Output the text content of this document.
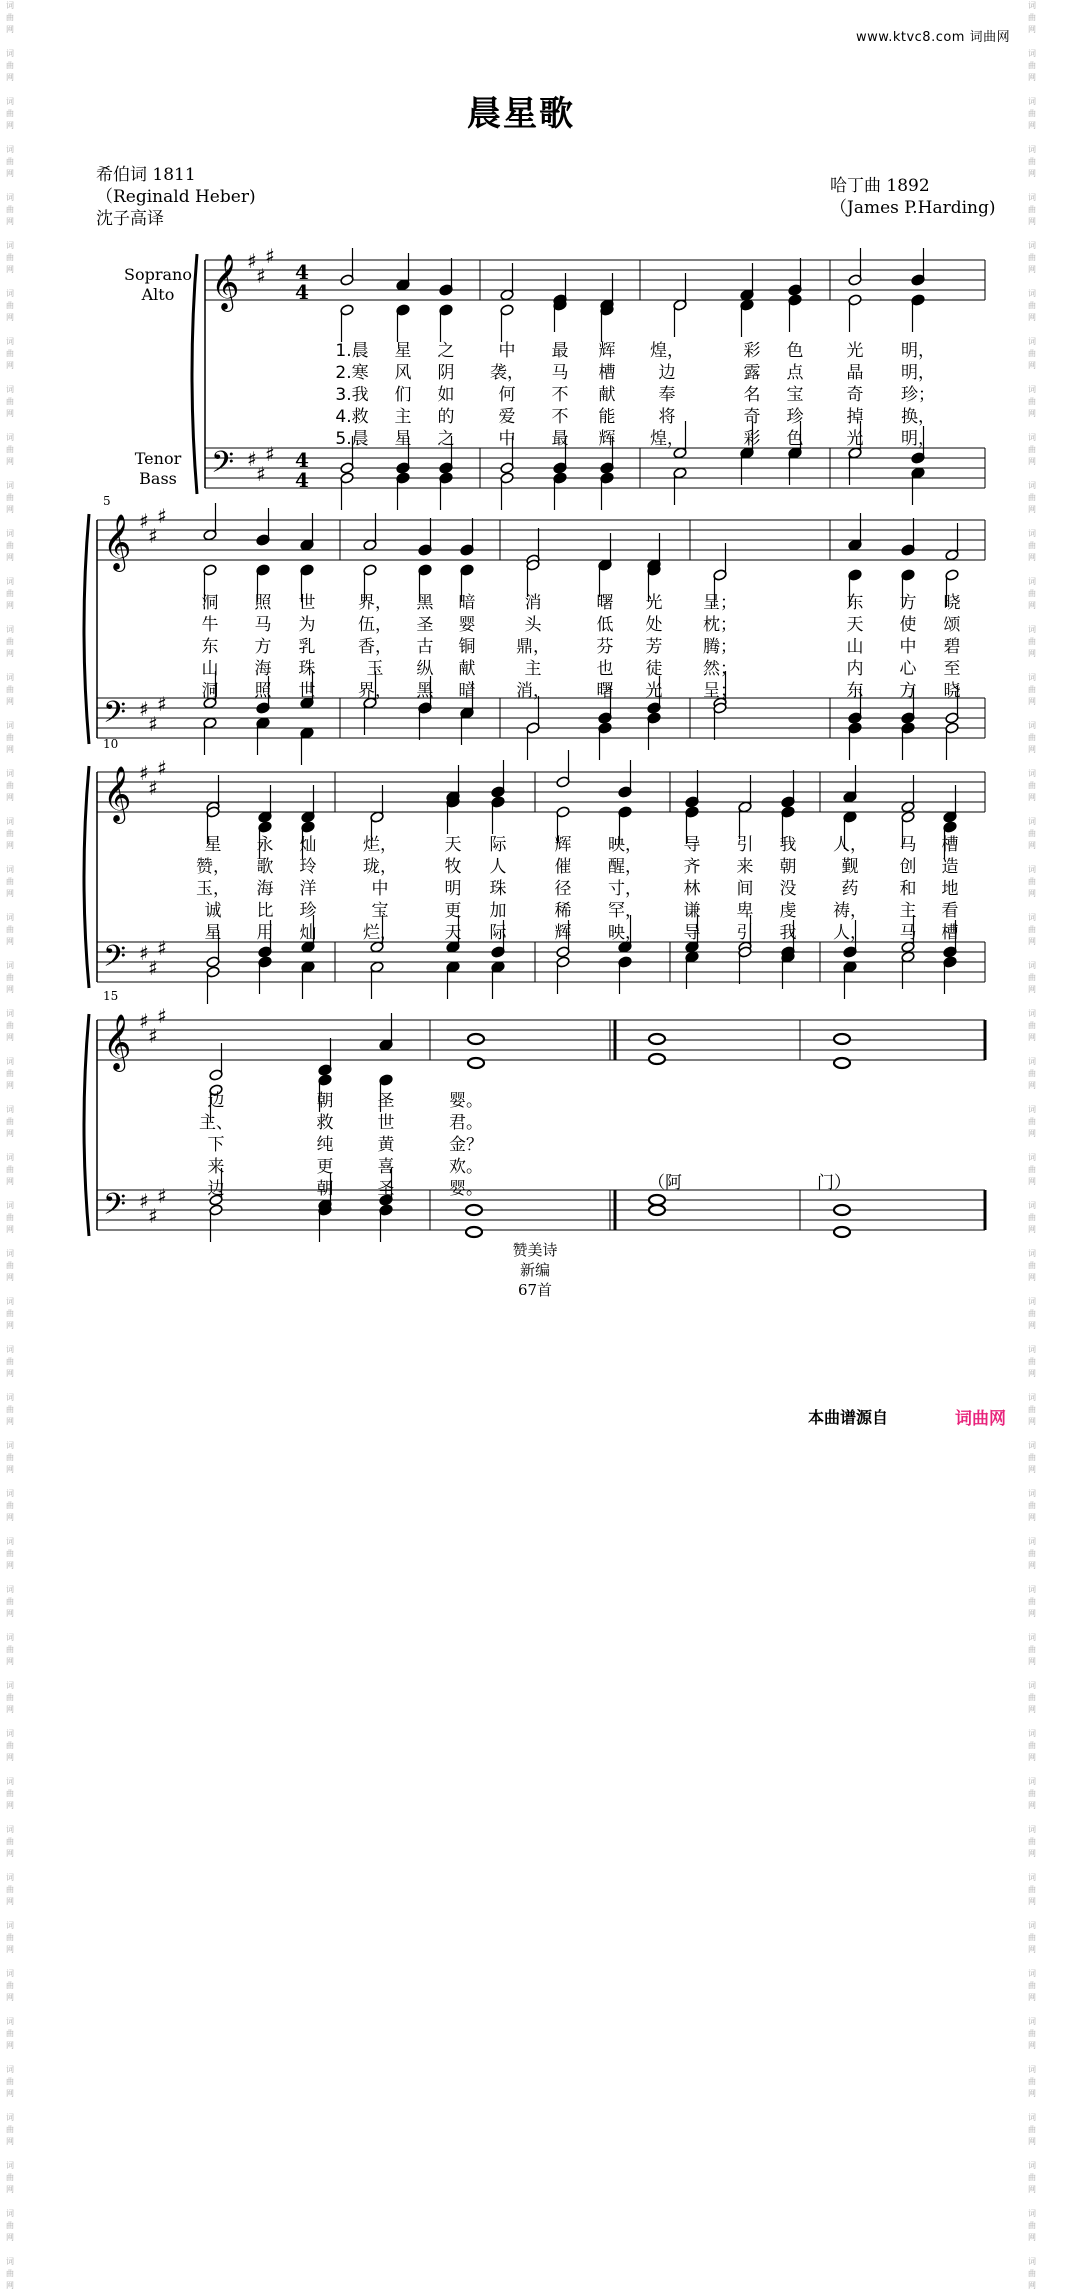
词
曲
网

词
曲
网

词
曲
网

词
曲
网

词
曲
网

词
曲
网

词
曲
网

词
曲
网

词
曲
网

词
曲
网

词
曲
网

词
曲
网

词
曲
网

词
曲
网

词
曲
网

词
曲
网

词
曲
网

词
曲
网

词
曲
网

词
曲
网

词
曲
网

词
曲
网

词
曲
网

词
曲
网

词
曲
网

词
曲
网

词
曲
网

词
曲
网

词
曲
网

词
曲
网

词
曲
网

词
曲
网

词
曲
网

词
曲
网

词
曲
网

词
曲
网

词
曲
网

词
曲
网

词
曲
网

词
曲
网

词
曲
网

词
曲
网

词
曲
网

词
曲
网

词
曲
网

词
曲
网

词
曲
网

词
曲
网

词
曲
网

词
曲
网

词
曲
网

词
曲
网

词
曲
网

词
曲
网

词
曲
网

词
曲
网

词
曲
网

词
曲
网

词
曲
网

词
曲
网

词
曲
网

词
曲
网

词
曲
网

词
曲
网

词
曲
网

词
曲
网

词
曲
网

词
曲
网

词
曲
网

词
曲
网

词
曲
网

词
曲
网

词
曲
网

词
曲
网

词
曲
网

词
曲
网

词
曲
网

词
曲
网

词
曲
网

词
曲
网

词
曲
网

词
曲
网

词
曲
网

词
曲
网

词
曲
网

词
曲
网

词
曲
网

词
曲
网

词
曲
网

词
曲
网

词
曲
网

词
曲
网

词
曲
网

词
曲
网

词
曲
网

词
曲
网

www.ktvc8.com 词曲网
晨星歌
希伯词 1811
（Reginald Heber)
沈子高译
哈丁曲 1892
（James P.Harding)
Soprano
Alto
Tenor
Bass
𝄞
𝄢
♯
♯
♯
♯
♯
♯
4
4
4
4
𝄞
𝄢
♯
♯
♯
♯
♯
♯
𝄞
𝄢
♯
♯
♯
♯
♯
♯
𝄞
𝄢
♯
♯
♯
♯
♯
♯
5
10
15
1.晨 星 之	中 最 辉 煌，	彩 色	光 明，
2.寒 风 阴 袭， 马 槽	边	露 点	晶 明，
3.我 们 如	何 不 献	奉	名 宝	奇 珍；
4.救 主 的	爱 不 能	将	奇 珍	掉 换，
5.晨 星 之	中 最 辉 煌，	彩 色	光 明，
洞 照 世	界， 黑 暗	消	曙 光 呈；	东 方 晓
牛 马 为	伍， 圣 婴	头	低 处 枕；	天 使 颂
东 方 乳	香， 古 铜 鼎，	芬 芳 腾；	山 中 碧
山 海 珠	玉 纵 献	主	也 徒 然；	内 心 至
洞 照 世	界， 黑 暗 消，	曙 光 呈；	东 方 晓
星 永 灿	烂，	天 际	辉 映， 导 引 我 人， 马 槽
赞， 歌 玲	珑，	牧 人	催 醒， 齐 来 朝	觐 创 造
玉， 海 洋	中	明 珠	径 寸， 林 间 没	药 和 地
诚 比 珍	宝	更 加	稀 罕， 谦 卑 虔 祷， 主 看
星 用 灿	烂，	天 际	辉 映， 导 引 我 人， 马 槽
边	朝	圣	婴。
主、	救	世	君。
下	纯	黄	金？
来	更	喜	欢。
边	朝	圣	婴。	（阿	门）
赞美诗
新编
67首
本曲谱源自	词曲网
